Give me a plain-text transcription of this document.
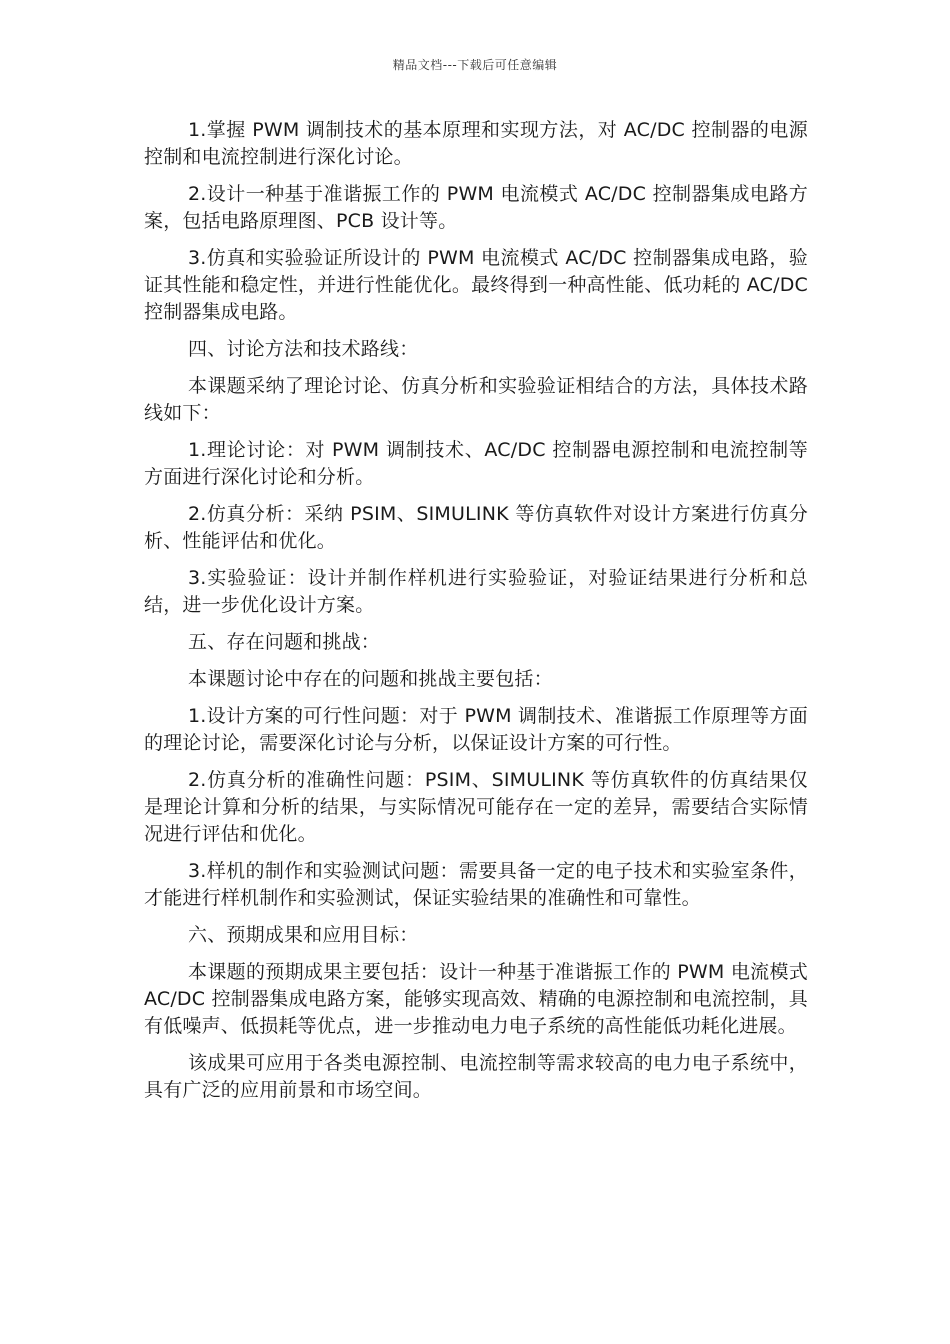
精品文档---下载后可任意编辑

1.掌握 PWM 调制技术的基本原理和实现方法，对 AC/DC 控制器的电源控制和电流控制进行深化讨论。

2.设计一种基于准谐振工作的 PWM 电流模式 AC/DC 控制器集成电路方案，包括电路原理图、PCB 设计等。

3.仿真和实验验证所设计的 PWM 电流模式 AC/DC 控制器集成电路，验证其性能和稳定性，并进行性能优化。最终得到一种高性能、低功耗的 AC/DC 控制器集成电路。

四、讨论方法和技术路线：

本课题采纳了理论讨论、仿真分析和实验验证相结合的方法，具体技术路线如下：

1.理论讨论：对 PWM 调制技术、AC/DC 控制器电源控制和电流控制等方面进行深化讨论和分析。

2.仿真分析：采纳 PSIM、SIMULINK 等仿真软件对设计方案进行仿真分析、性能评估和优化。

3.实验验证：设计并制作样机进行实验验证，对验证结果进行分析和总结，进一步优化设计方案。

五、存在问题和挑战：

本课题讨论中存在的问题和挑战主要包括：

1.设计方案的可行性问题：对于 PWM 调制技术、准谐振工作原理等方面的理论讨论，需要深化讨论与分析，以保证设计方案的可行性。

2.仿真分析的准确性问题：PSIM、SIMULINK 等仿真软件的仿真结果仅是理论计算和分析的结果，与实际情况可能存在一定的差异，需要结合实际情况进行评估和优化。

3.样机的制作和实验测试问题：需要具备一定的电子技术和实验室条件，才能进行样机制作和实验测试，保证实验结果的准确性和可靠性。

六、预期成果和应用目标：

本课题的预期成果主要包括：设计一种基于准谐振工作的 PWM 电流模式 AC/DC 控制器集成电路方案，能够实现高效、精确的电源控制和电流控制，具有低噪声、低损耗等优点，进一步推动电力电子系统的高性能低功耗化进展。

该成果可应用于各类电源控制、电流控制等需求较高的电力电子系统中，具有广泛的应用前景和市场空间。
